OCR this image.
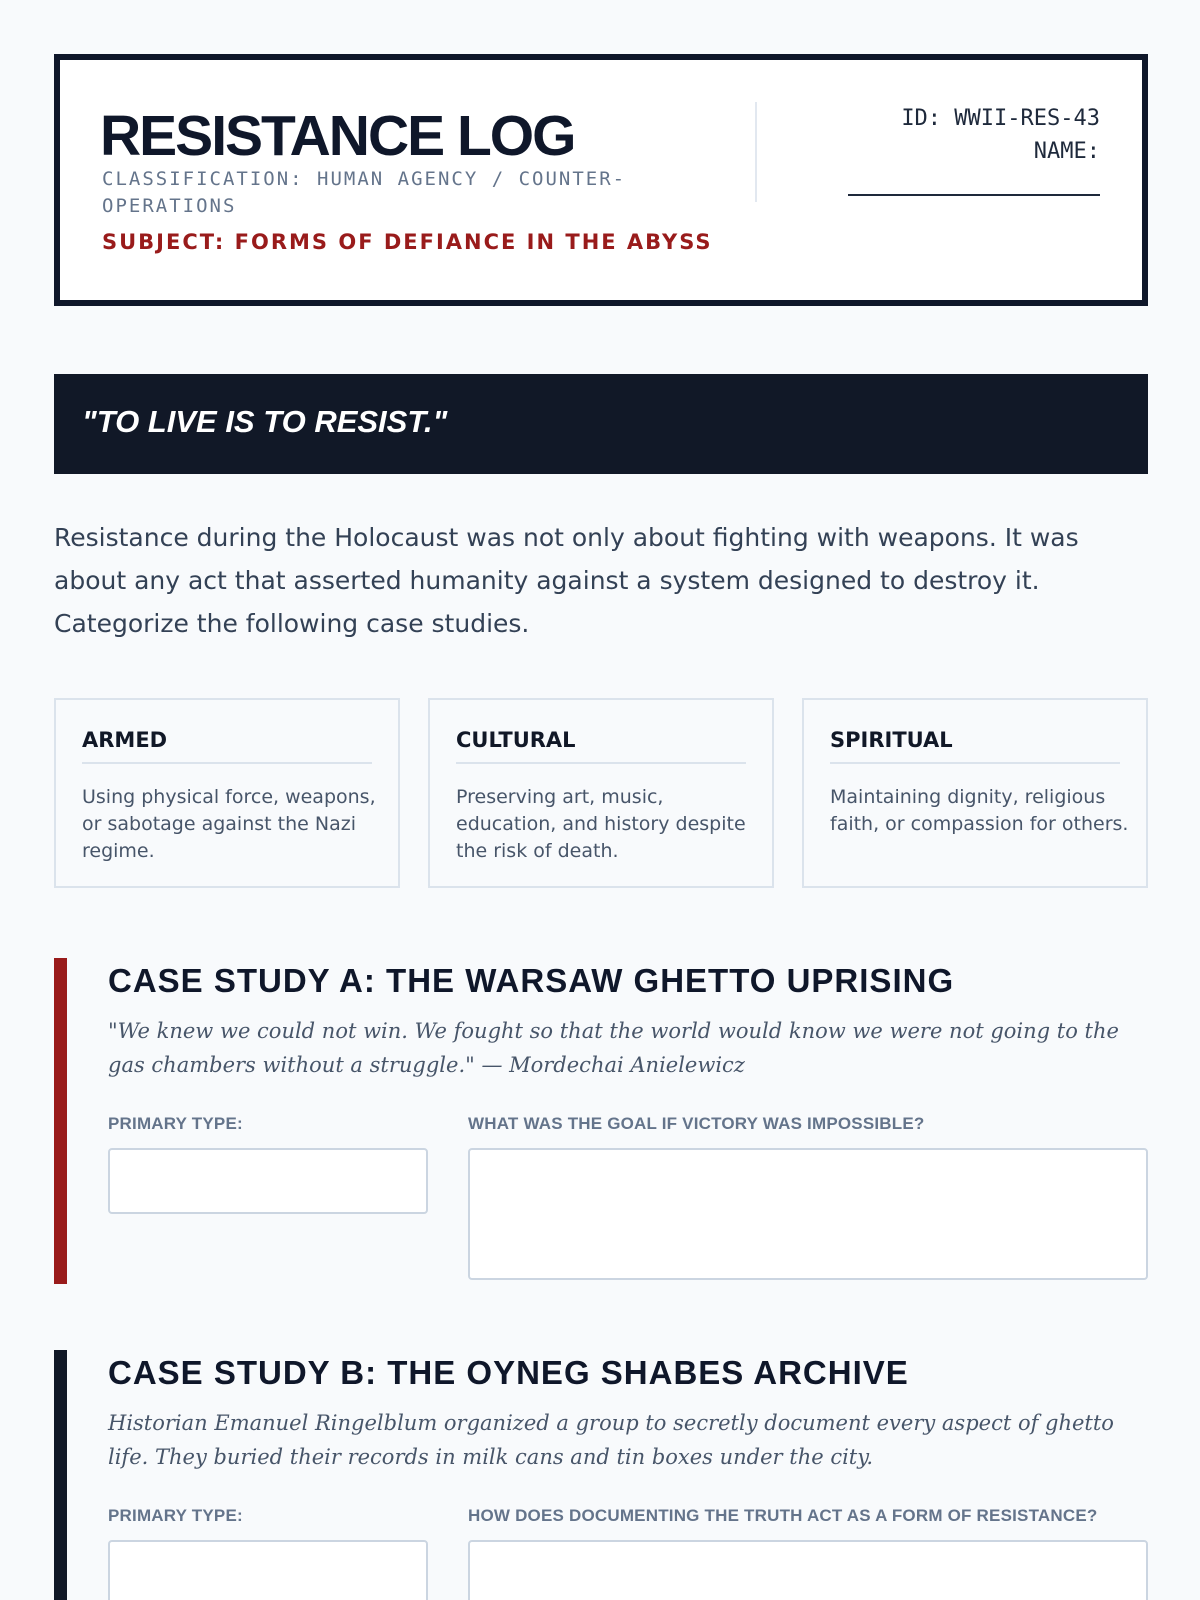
RESISTANCE LOG
CLASSIFICATION: HUMAN AGENCY / COUNTER-OPERATIONS
SUBJECT: FORMS OF DEFIANCE IN THE ABYSS
ID: WWII-RES-43
NAME:
"TO LIVE IS TO RESIST."
Resistance during the Holocaust was not only about fighting with weapons. It was about any act that asserted humanity against a system designed to destroy it. Categorize the following case studies.
ARMED
Using physical force, weapons, or sabotage against the Nazi regime.
CULTURAL
Preserving art, music, education, and history despite the risk of death.
SPIRITUAL
Maintaining dignity, religious faith, or compassion for others.
CASE STUDY A: THE WARSAW GHETTO UPRISING
"We knew we could not win. We fought so that the world would know we were not going to the gas chambers without a struggle." — Mordechai Anielewicz
PRIMARY TYPE:	WHAT WAS THE GOAL IF VICTORY WAS IMPOSSIBLE?
CASE STUDY B: THE OYNEG SHABES ARCHIVE
Historian Emanuel Ringelblum organized a group to secretly document every aspect of ghetto life. They buried their records in milk cans and tin boxes under the city.
PRIMARY TYPE:	HOW DOES DOCUMENTING THE TRUTH ACT AS A FORM OF RESISTANCE?
